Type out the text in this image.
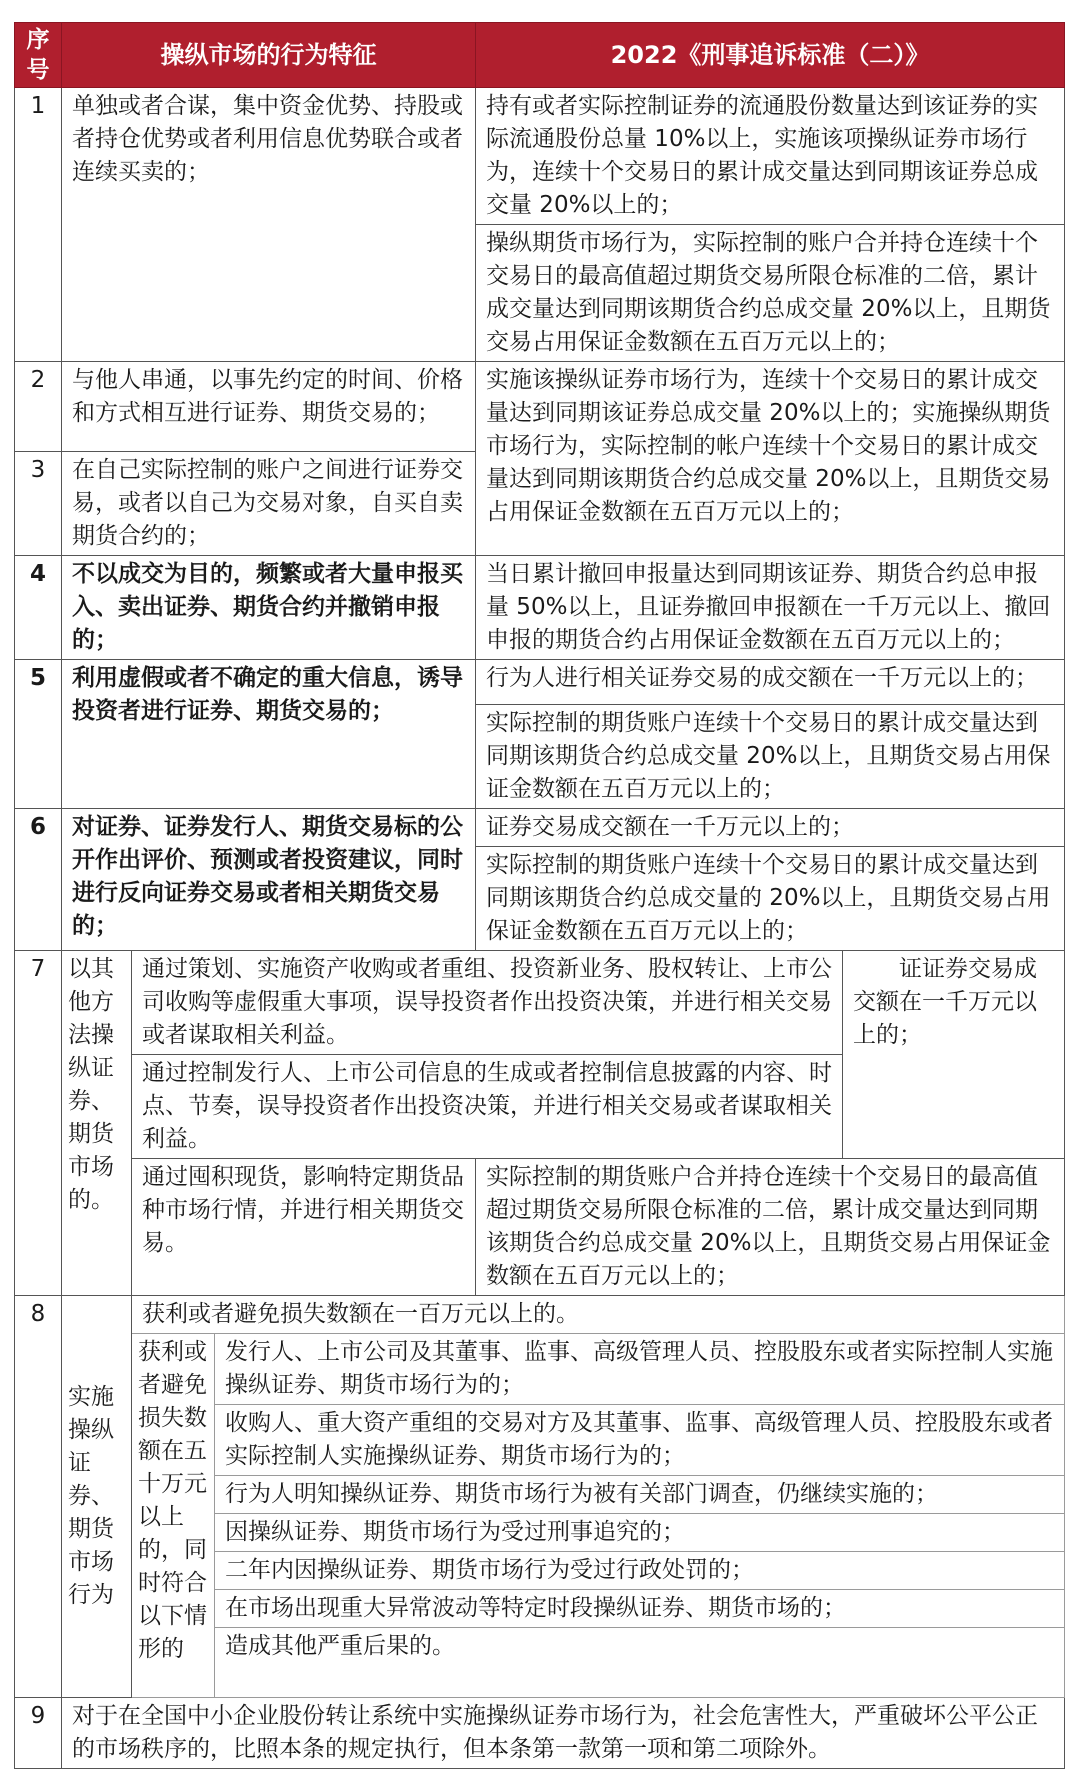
序号	操纵市场的行为特征			2022《刑事追诉标准（二）》	
1	单独或者合谋，集中资金优势、持股或者持仓优势或者利用信息优势联合或者连续买卖的；			持有或者实际控制证券的流通股份数量达到该证券的实际流通股份总量 10%以上，实施该项操纵证券市场行为，连续十个交易日的累计成交量达到同期该证券总成交量 20%以上的；	
				操纵期货市场行为，实际控制的账户合并持仓连续十个交易日的最高值超过期货交易所限仓标准的二倍，累计成交量达到同期该期货合约总成交量 20%以上，且期货交易占用保证金数额在五百万元以上的；	
2	与他人串通，以事先约定的时间、价格和方式相互进行证券、期货交易的；			实施该操纵证券市场行为，连续十个交易日的累计成交量达到同期该证券总成交量 20%以上的；实施操纵期货市场行为，实际控制的帐户连续十个交易日的累计成交量达到同期该期货合约总成交量 20%以上，且期货交易占用保证金数额在五百万元以上的；	
3	在自己实际控制的账户之间进行证券交易，或者以自己为交易对象，自买自卖期货合约的；				
4	不以成交为目的，频繁或者大量申报买入、卖出证券、期货合约并撤销申报的；			当日累计撤回申报量达到同期该证券、期货合约总申报量 50%以上，且证券撤回申报额在一千万元以上、撤回申报的期货合约占用保证金数额在五百万元以上的；	
5	利用虚假或者不确定的重大信息，诱导投资者进行证券、期货交易的；			行为人进行相关证券交易的成交额在一千万元以上的；	
				实际控制的期货账户连续十个交易日的累计成交量达到同期该期货合约总成交量 20%以上，且期货交易占用保证金数额在五百万元以上的；	
6	对证券、证券发行人、期货交易标的公开作出评价、预测或者投资建议，同时进行反向证券交易或者相关期货交易的；			证券交易成交额在一千万元以上的；	
				实际控制的期货账户连续十个交易日的累计成交量达到同期该期货合约总成交量的 20%以上，且期货交易占用保证金数额在五百万元以上的；	
7	以其他方法操纵证券、期货市场的。	通过策划、实施资产收购或者重组、投资新业务、股权转让、上市公司收购等虚假重大事项，误导投资者作出投资决策，并进行相关交易或者谋取相关利益。			证证券交易成交额在一千万元以上的；
		通过控制发行人、上市公司信息的生成或者控制信息披露的内容、时点、节奏，误导投资者作出投资决策，并进行相关交易或者谋取相关利益。			
		通过囤积现货，影响特定期货品种市场行情，并进行相关期货交易。		实际控制的期货账户合并持仓连续十个交易日的最高值超过期货交易所限仓标准的二倍，累计成交量达到同期该期货合约总成交量 20%以上，且期货交易占用保证金数额在五百万元以上的；	
8	实施操纵证券、期货市场行为	获利或者避免损失数额在一百万元以上的。			
		获利或者避免损失数额在五十万元以上的，同时符合以下情形的	发行人、上市公司及其董事、监事、高级管理人员、控股股东或者实际控制人实施操纵证券、期货市场行为的；		
			收购人、重大资产重组的交易对方及其董事、监事、高级管理人员、控股股东或者实际控制人实施操纵证券、期货市场行为的；		
			行为人明知操纵证券、期货市场行为被有关部门调查，仍继续实施的；		
			因操纵证券、期货市场行为受过刑事追究的；		
			二年内因操纵证券、期货市场行为受过行政处罚的；		
			在市场出现重大异常波动等特定时段操纵证券、期货市场的；		
			造成其他严重后果的。		
9	对于在全国中小企业股份转让系统中实施操纵证券市场行为，社会危害性大，严重破坏公平公正的市场秩序的，比照本条的规定执行，但本条第一款第一项和第二项除外。				
